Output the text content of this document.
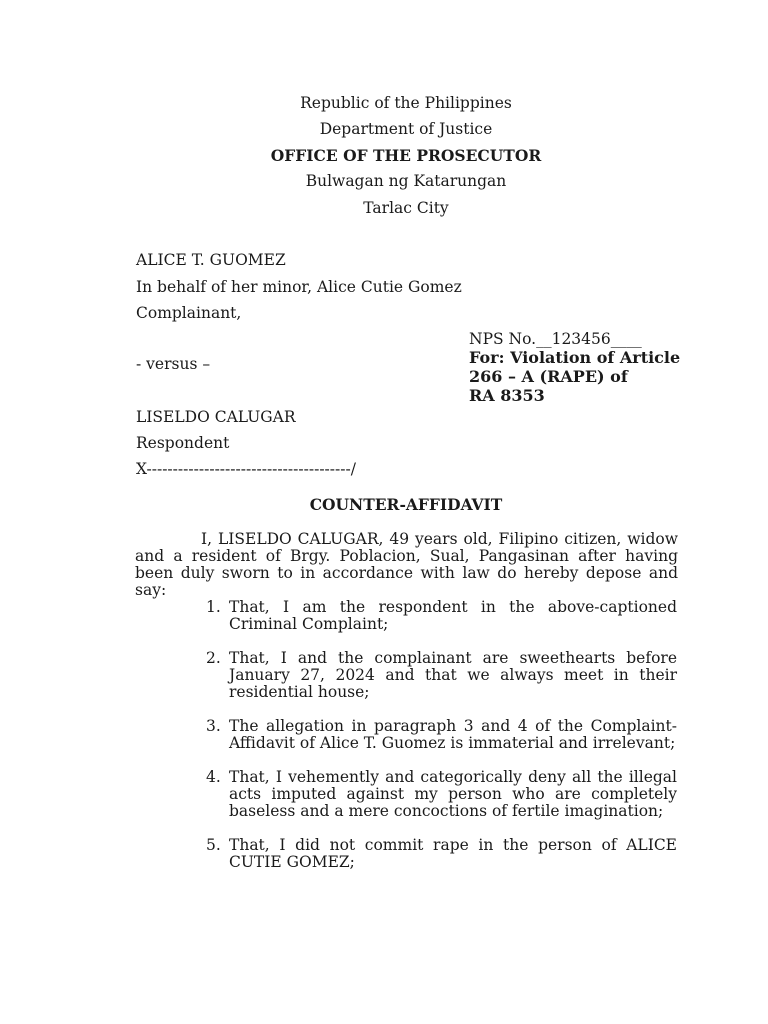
Republic of the Philippines
Department of Justice
OFFICE OF THE PROSECUTOR
Bulwagan ng Katarungan
Tarlac City
ALICE T. GUOMEZ
In behalf of her minor, Alice Cutie Gomez
Complainant,
- versus –
LISELDO CALUGAR
Respondent
X---------------------------------------/
NPS No.__123456____
For: Violation of Article
266 – A (RAPE) of
RA 8353
COUNTER-AFFIDAVIT
I, LISELDO CALUGAR, 49 years old, Filipino citizen, widow and a resident of Brgy. Poblacion, Sual, Pangasinan after having been duly sworn to in accordance with law do hereby depose and say:
1. That, I am the respondent in the above-captioned Criminal Complaint;
2. That, I and the complainant are sweethearts before January 27, 2024 and that we always meet in their residential house;
3. The allegation in paragraph 3 and 4 of the Complaint-Affidavit of Alice T. Guomez is immaterial and irrelevant;
4. That, I vehemently and categorically deny all the illegal acts imputed against my person who are completely baseless and a mere concoctions of fertile imagination;
5. That, I did not commit rape in the person of ALICE CUTIE GOMEZ;
